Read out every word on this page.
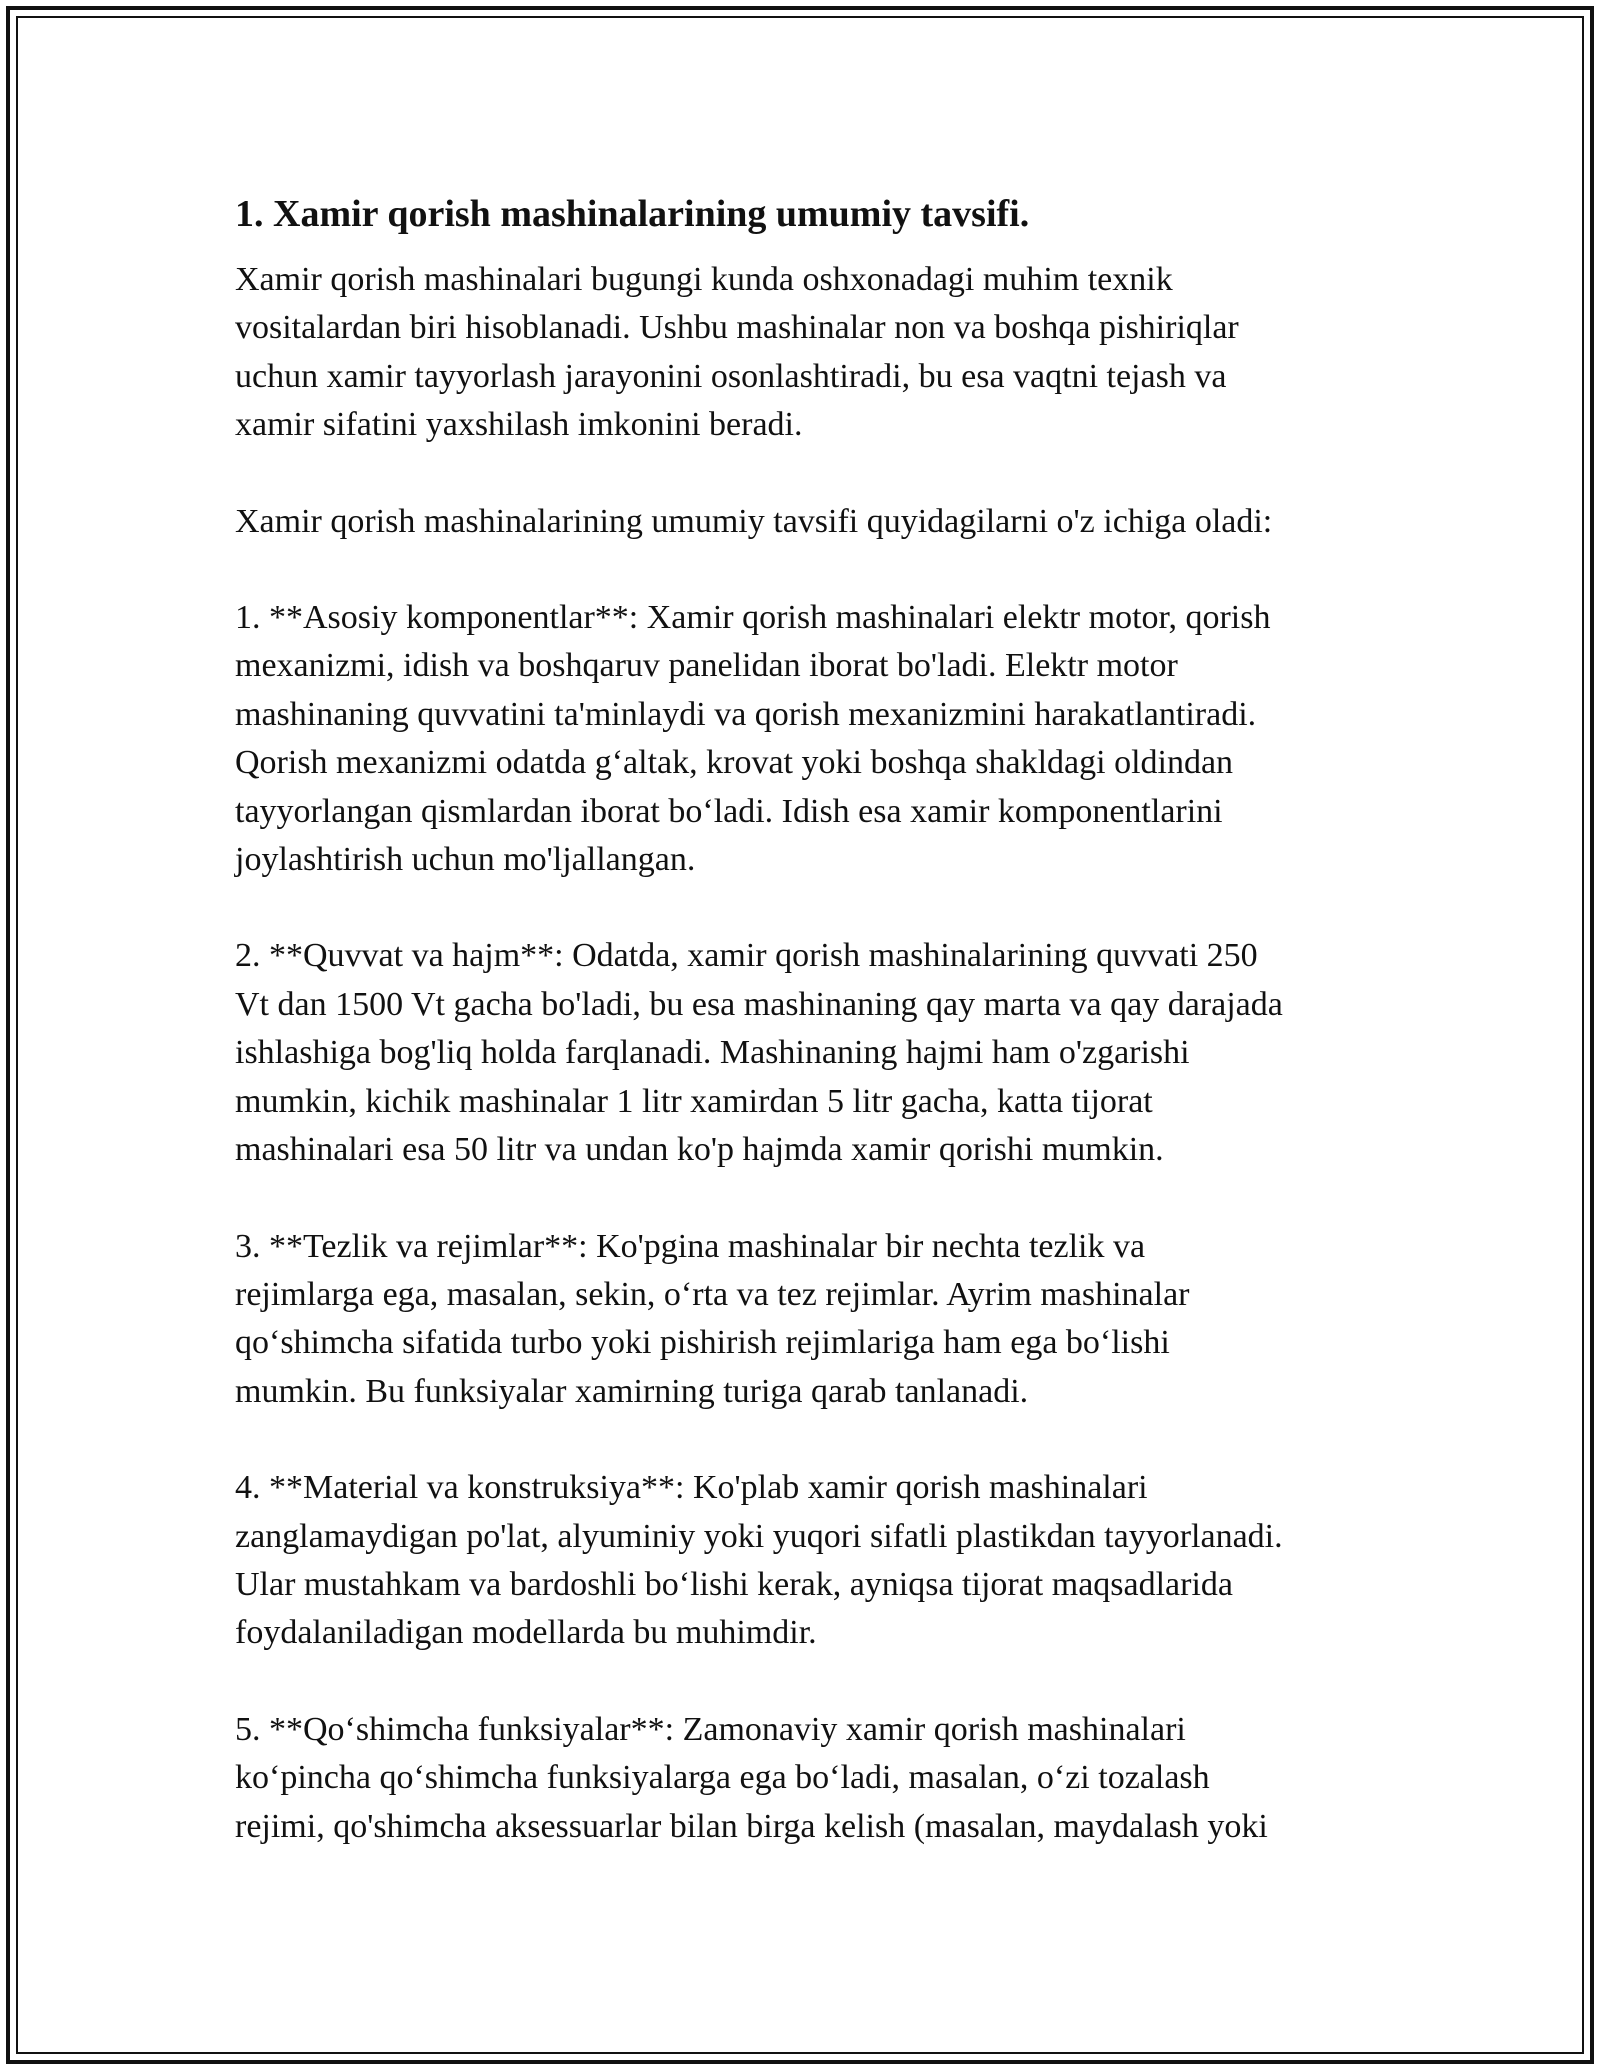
1. Xamir qorish mashinalarining umumiy tavsifi.

Xamir qorish mashinalari bugungi kunda oshxonadagi muhim texnik
vositalardan biri hisoblanadi. Ushbu mashinalar non va boshqa pishiriqlar
uchun xamir tayyorlash jarayonini osonlashtiradi, bu esa vaqtni tejash va
xamir sifatini yaxshilash imkonini beradi.

Xamir qorish mashinalarining umumiy tavsifi quyidagilarni o'z ichiga oladi:

1. **Asosiy komponentlar**: Xamir qorish mashinalari elektr motor, qorish
mexanizmi, idish va boshqaruv panelidan iborat bo'ladi. Elektr motor
mashinaning quvvatini ta'minlaydi va qorish mexanizmini harakatlantiradi.
Qorish mexanizmi odatda g‘altak, krovat yoki boshqa shakldagi oldindan
tayyorlangan qismlardan iborat bo‘ladi. Idish esa xamir komponentlarini
joylashtirish uchun mo'ljallangan.

2. **Quvvat va hajm**: Odatda, xamir qorish mashinalarining quvvati 250
Vt dan 1500 Vt gacha bo'ladi, bu esa mashinaning qay marta va qay darajada
ishlashiga bog'liq holda farqlanadi. Mashinaning hajmi ham o'zgarishi
mumkin, kichik mashinalar 1 litr xamirdan 5 litr gacha, katta tijorat
mashinalari esa 50 litr va undan ko'p hajmda xamir qorishi mumkin.

3. **Tezlik va rejimlar**: Ko'pgina mashinalar bir nechta tezlik va
rejimlarga ega, masalan, sekin, o‘rta va tez rejimlar. Ayrim mashinalar
qo‘shimcha sifatida turbo yoki pishirish rejimlariga ham ega bo‘lishi
mumkin. Bu funksiyalar xamirning turiga qarab tanlanadi.

4. **Material va konstruksiya**: Ko'plab xamir qorish mashinalari
zanglamaydigan po'lat, alyuminiy yoki yuqori sifatli plastikdan tayyorlanadi.
Ular mustahkam va bardoshli bo‘lishi kerak, ayniqsa tijorat maqsadlarida
foydalaniladigan modellarda bu muhimdir.

5. **Qo‘shimcha funksiyalar**: Zamonaviy xamir qorish mashinalari
ko‘pincha qo‘shimcha funksiyalarga ega bo‘ladi, masalan, o‘zi tozalash
rejimi, qo'shimcha aksessuarlar bilan birga kelish (masalan, maydalash yoki
